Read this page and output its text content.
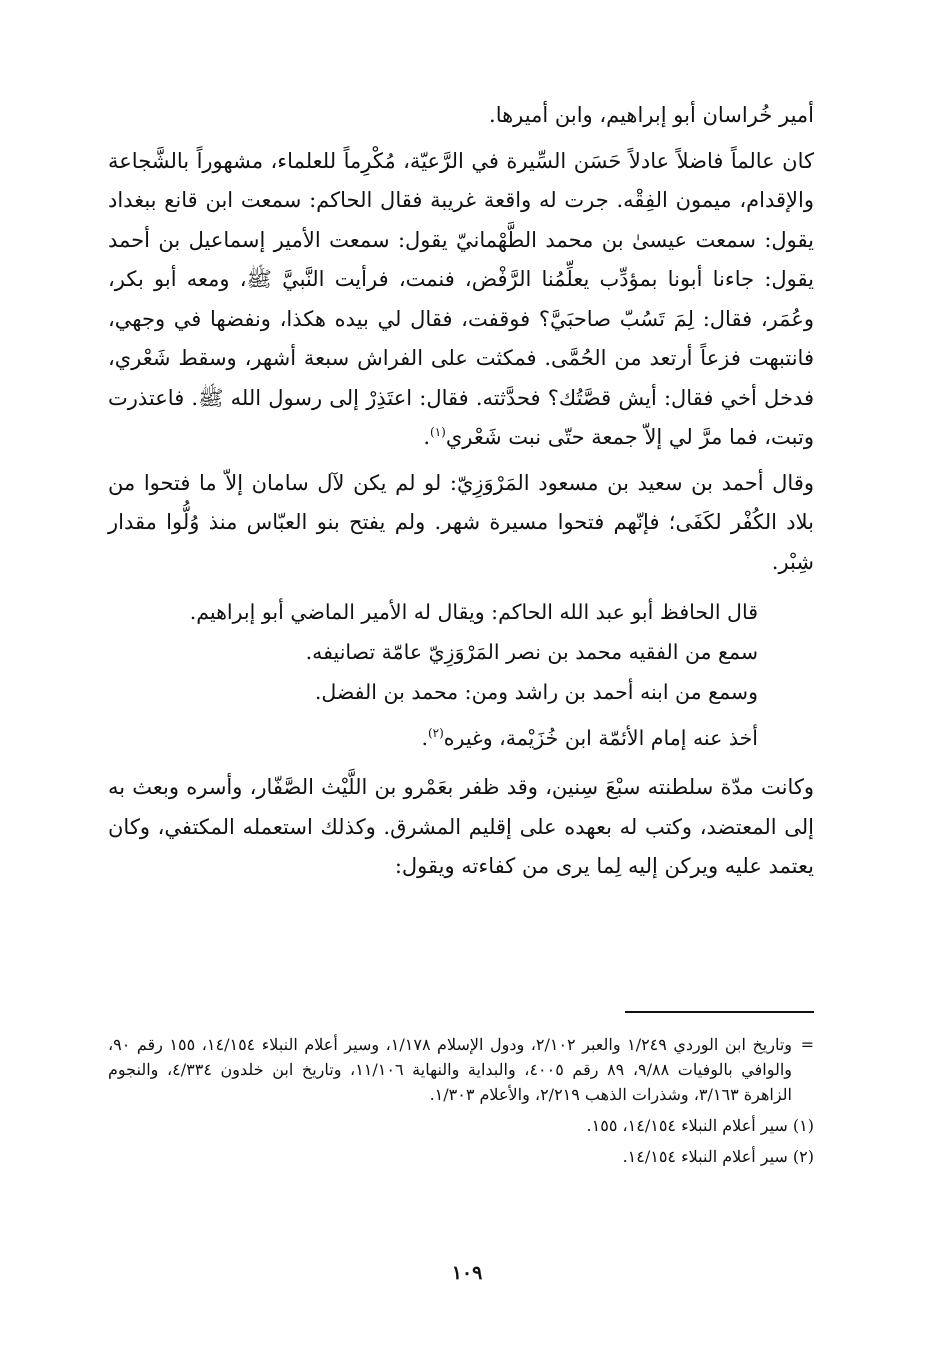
أمير خُراسان أبو إبراهيم، وابن أميرها.

كان عالماً فاضلاً عادلاً حَسَن السِّيرة في الرَّعيّة، مُكْرِماً للعلماء، مشهوراً بالشَّجاعة والإقدام، ميمون الفِقْه. جرت له واقعة غريبة فقال الحاكم: سمعت ابن قانع ببغداد يقول: سمعت عيسىٰ بن محمد الطَّهْمانيّ يقول: سمعت الأمير إسماعيل بن أحمد يقول: جاءنا أبونا بمؤدِّب يعلِّمُنا الرَّفْض، فنمت، فرأيت النَّبيَّ ﷺ، ومعه أبو بكر، وعُمَر، فقال: لِمَ تَسُبّ صاحبَيَّ؟ فوقفت، فقال لي بيده هكذا، ونفضها في وجهي، فانتبهت فزعاً أرتعد من الحُمَّى. فمكثت على الفراش سبعة أشهر، وسقط شَعْري، فدخل أخي فقال: أيش قصَّتُك؟ فحدَّثته. فقال: اعتَذِرْ إلى رسول الله ﷺ. فاعتذرت وتبت، فما مرَّ لي إلاّ جمعة حتّى نبت شَعْري$^{(١)}$.

وقال أحمد بن سعيد بن مسعود المَرْوَزِيّ: لو لم يكن لآل سامان إلاّ ما فتحوا من بلاد الكُفْر لكَفَى؛ فإنّهم فتحوا مسيرة شهر. ولم يفتح بنو العبّاس منذ وُلُّوا مقدار شِبْر.

قال الحافظ أبو عبد الله الحاكم: ويقال له الأمير الماضي أبو إبراهيم.

سمع من الفقيه محمد بن نصر المَرْوَزِيّ عامّة تصانيفه.

وسمع من ابنه أحمد بن راشد ومن: محمد بن الفضل.

أخذ عنه إمام الأئمّة ابن خُزَيْمة، وغيره$^{(٢)}$.

وكانت مدّة سلطنته سبْعَ سِنين، وقد ظفر بعَمْرو بن اللَّيْث الصَّفّار، وأسره وبعث به إلى المعتضد، وكتب له بعهده على إقليم المشرق. وكذلك استعمله المكتفي، وكان يعتمد عليه ويركن إليه لِما يرى من كفاءته ويقول:

=
وتاريخ ابن الوردي ١/٢٤٩ والعبر ٢/١٠٢، ودول الإسلام ١/١٧٨، وسير أعلام النبلاء ١٤/١٥٤، ١٥٥ رقم ٩٠، والوافي بالوفيات ٩/٨٨، ٨٩ رقم ٤٠٠٥، والبداية والنهاية ١١/١٠٦، وتاريخ ابن خلدون ٤/٣٣٤، والنجوم الزاهرة ٣/١٦٣، وشذرات الذهب ٢/٢١٩، والأعلام ١/٣٠٣.

(١) سير أعلام النبلاء ١٤/١٥٤، ١٥٥.

(٢) سير أعلام النبلاء ١٤/١٥٤.

١٠٩
